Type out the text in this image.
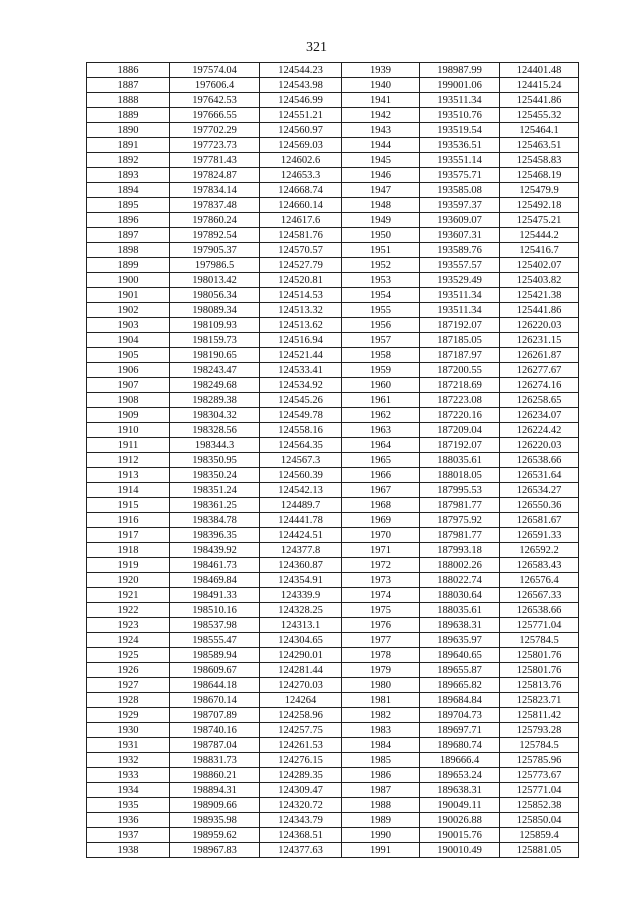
321
1886	197574.04	124544.23	1939	198987.99	124401.48
1887	197606.4	124543.98	1940	199001.06	124415.24
1888	197642.53	124546.99	1941	193511.34	125441.86
1889	197666.55	124551.21	1942	193510.76	125455.32
1890	197702.29	124560.97	1943	193519.54	125464.1
1891	197723.73	124569.03	1944	193536.51	125463.51
1892	197781.43	124602.6	1945	193551.14	125458.83
1893	197824.87	124653.3	1946	193575.71	125468.19
1894	197834.14	124668.74	1947	193585.08	125479.9
1895	197837.48	124660.14	1948	193597.37	125492.18
1896	197860.24	124617.6	1949	193609.07	125475.21
1897	197892.54	124581.76	1950	193607.31	125444.2
1898	197905.37	124570.57	1951	193589.76	125416.7
1899	197986.5	124527.79	1952	193557.57	125402.07
1900	198013.42	124520.81	1953	193529.49	125403.82
1901	198056.34	124514.53	1954	193511.34	125421.38
1902	198089.34	124513.32	1955	193511.34	125441.86
1903	198109.93	124513.62	1956	187192.07	126220.03
1904	198159.73	124516.94	1957	187185.05	126231.15
1905	198190.65	124521.44	1958	187187.97	126261.87
1906	198243.47	124533.41	1959	187200.55	126277.67
1907	198249.68	124534.92	1960	187218.69	126274.16
1908	198289.38	124545.26	1961	187223.08	126258.65
1909	198304.32	124549.78	1962	187220.16	126234.07
1910	198328.56	124558.16	1963	187209.04	126224.42
1911	198344.3	124564.35	1964	187192.07	126220.03
1912	198350.95	124567.3	1965	188035.61	126538.66
1913	198350.24	124560.39	1966	188018.05	126531.64
1914	198351.24	124542.13	1967	187995.53	126534.27
1915	198361.25	124489.7	1968	187981.77	126550.36
1916	198384.78	124441.78	1969	187975.92	126581.67
1917	198396.35	124424.51	1970	187981.77	126591.33
1918	198439.92	124377.8	1971	187993.18	126592.2
1919	198461.73	124360.87	1972	188002.26	126583.43
1920	198469.84	124354.91	1973	188022.74	126576.4
1921	198491.33	124339.9	1974	188030.64	126567.33
1922	198510.16	124328.25	1975	188035.61	126538.66
1923	198537.98	124313.1	1976	189638.31	125771.04
1924	198555.47	124304.65	1977	189635.97	125784.5
1925	198589.94	124290.01	1978	189640.65	125801.76
1926	198609.67	124281.44	1979	189655.87	125801.76
1927	198644.18	124270.03	1980	189665.82	125813.76
1928	198670.14	124264	1981	189684.84	125823.71
1929	198707.89	124258.96	1982	189704.73	125811.42
1930	198740.16	124257.75	1983	189697.71	125793.28
1931	198787.04	124261.53	1984	189680.74	125784.5
1932	198831.73	124276.15	1985	189666.4	125785.96
1933	198860.21	124289.35	1986	189653.24	125773.67
1934	198894.31	124309.47	1987	189638.31	125771.04
1935	198909.66	124320.72	1988	190049.11	125852.38
1936	198935.98	124343.79	1989	190026.88	125850.04
1937	198959.62	124368.51	1990	190015.76	125859.4
1938	198967.83	124377.63	1991	190010.49	125881.05
